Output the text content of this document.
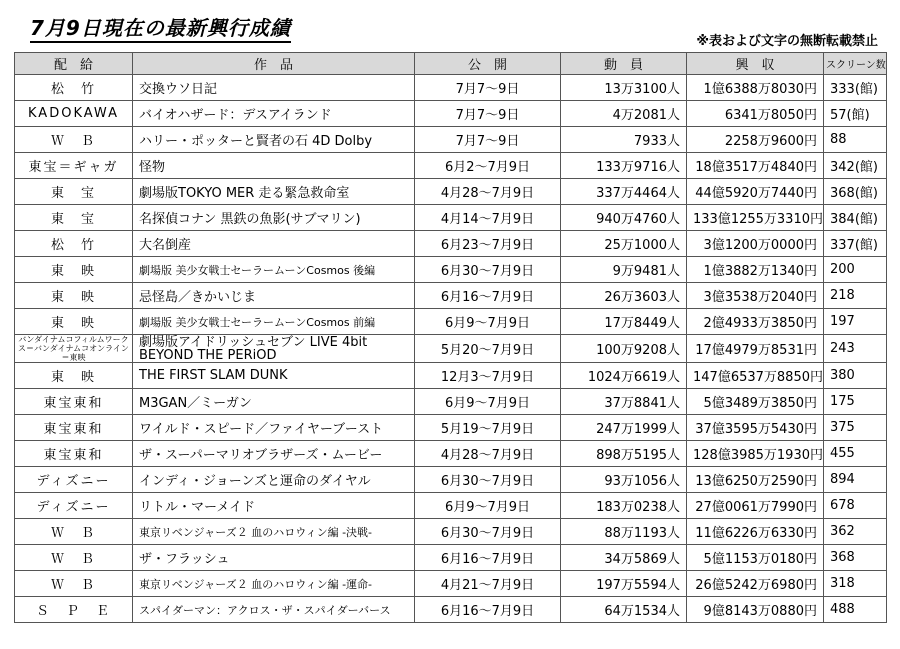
7月9日現在の最新興行成績
※表および文字の無断転載禁止
配　給	作　品	公　開	動　員	興　収	スクリーン数
松　竹	交換ウソ日記	7月7～9日	13万3100人	1億6388万8030円	333(館)
KADOKAWA	バイオハザード：デスアイランド	7月7～9日	4万2081人	6341万8050円	57(館)
Ｗ　Ｂ	ハリー・ポッターと賢者の石 4D Dolby	7月7～9日	7933人	2258万9600円	88
東宝＝ギャガ	怪物	6月2～7月9日	133万9716人	18億3517万4840円	342(館)
東　宝	劇場版TOKYO MER 走る緊急救命室	4月28～7月9日	337万4464人	44億5920万7440円	368(館)
東　宝	名探偵コナン 黒鉄の魚影(サブマリン)	4月14～7月9日	940万4760人	133億1255万3310円	384(館)
松　竹	大名倒産	6月23～7月9日	25万1000人	3億1200万0000円	337(館)
東　映	劇場版 美少女戦士セーラームーンCosmos 後編	6月30～7月9日	9万9481人	1億3882万1340円	200
東　映	忌怪島／きかいじま	6月16～7月9日	26万3603人	3億3538万2040円	218
東　映	劇場版 美少女戦士セーラームーンCosmos 前編	6月9～7月9日	17万8449人	2億4933万3850円	197
バンダイナムコフィルムワークス＝バンダイナムコオンライン＝東映	劇場版アイドリッシュセブン LIVE 4bit BEYOND THE PERiOD	5月20～7月9日	100万9208人	17億4979万8531円	243
東　映	THE FIRST SLAM DUNK	12月3～7月9日	1024万6619人	147億6537万8850円	380
東宝東和	M3GAN／ミーガン	6月9～7月9日	37万8841人	5億3489万3850円	175
東宝東和	ワイルド・スピード／ファイヤーブースト	5月19～7月9日	247万1999人	37億3595万5430円	375
東宝東和	ザ・スーパーマリオブラザーズ・ムービー	4月28～7月9日	898万5195人	128億3985万1930円	455
ディズニー	インディ・ジョーンズと運命のダイヤル	6月30～7月9日	93万1056人	13億6250万2590円	894
ディズニー	リトル・マーメイド	6月9～7月9日	183万0238人	27億0061万7990円	678
Ｗ　Ｂ	東京リベンジャーズ２ 血のハロウィン編 -決戦-	6月30～7月9日	88万1193人	11億6226万6330円	362
Ｗ　Ｂ	ザ・フラッシュ	6月16～7月9日	34万5869人	5億1153万0180円	368
Ｗ　Ｂ	東京リベンジャーズ２ 血のハロウィン編 -運命-	4月21～7月9日	197万5594人	26億5242万6980円	318
Ｓ　Ｐ　Ｅ	スパイダーマン：アクロス・ザ・スパイダーバース	6月16～7月9日	64万1534人	9億8143万0880円	488
